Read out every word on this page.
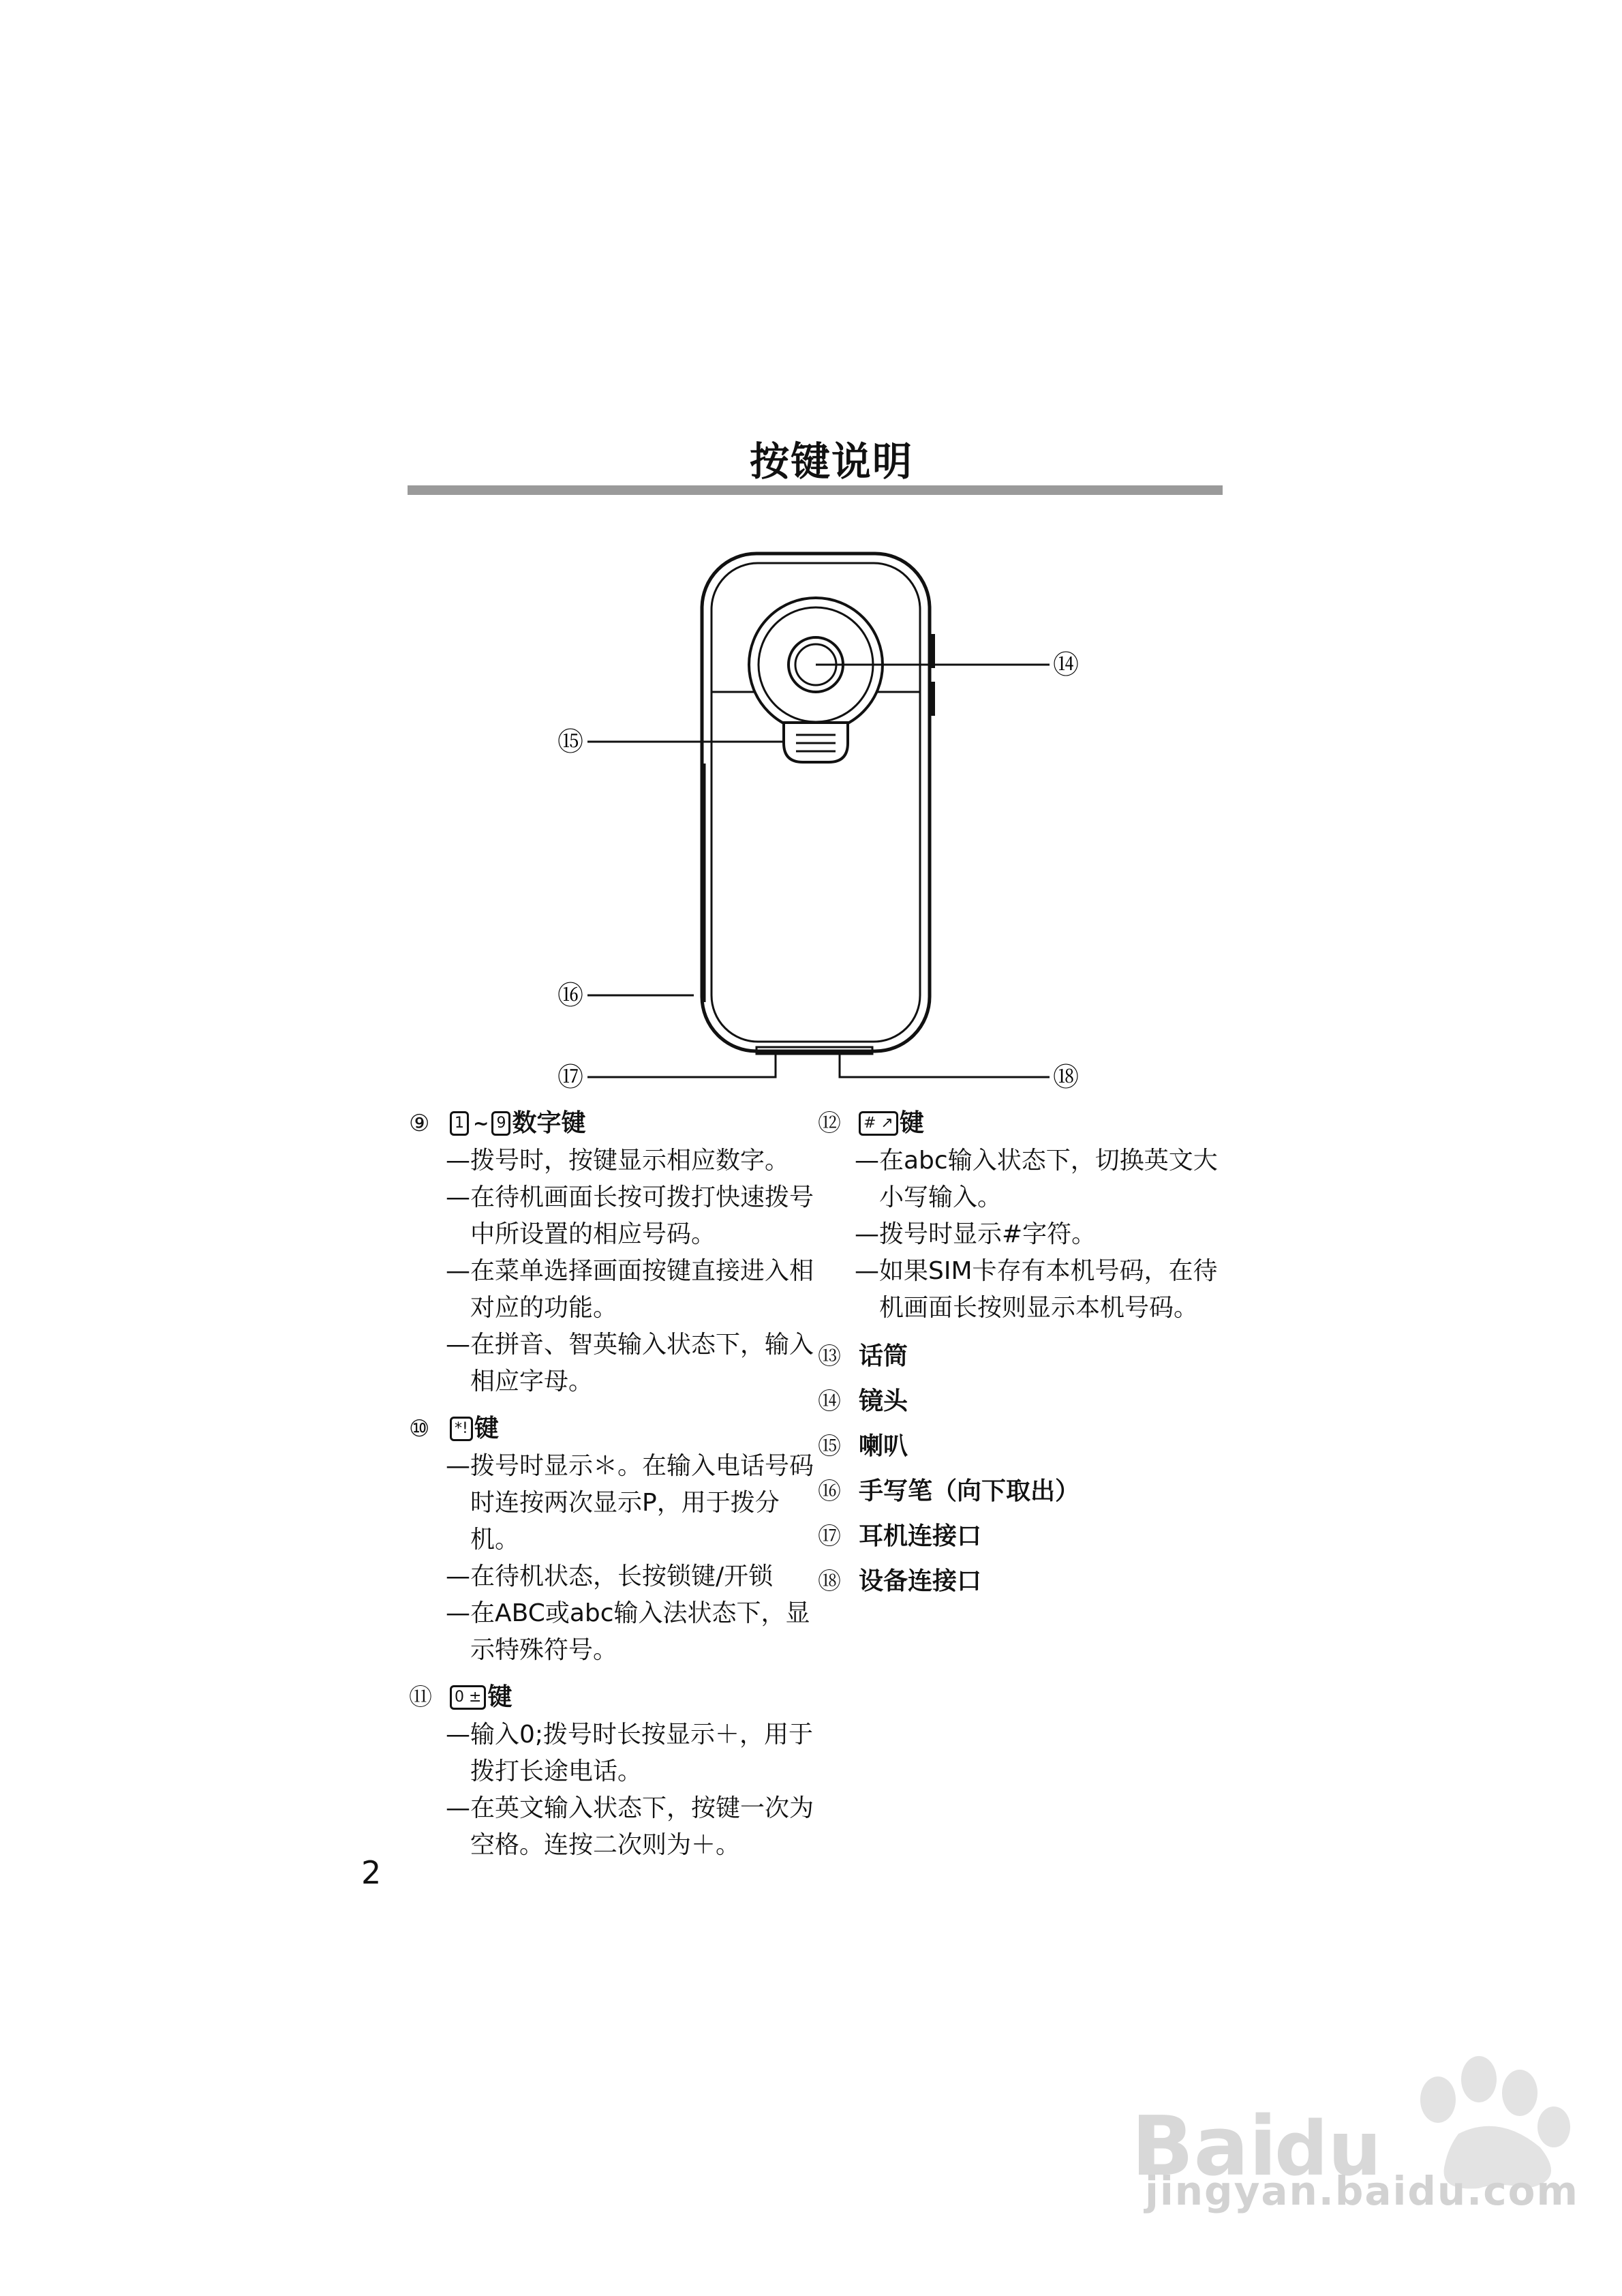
按键说明
⑭
⑮
⑯
⑰	⑱
⑨	1 ~ 9 数字键
— 拨号时，按键显示相应数字。
— 在待机画面长按可拨打快速拨号中所设置的相应号码。
— 在菜单选择画面按键直接进入相对应的功能。
— 在拼音、智英输入状态下，输入相应字母。
⑩	*! 键
— 拨号时显示＊。在输入电话号码时连按两次显示P，用于拨分机。
— 在待机状态，长按锁键/开锁
— 在ABC或abc输入法状态下，显示特殊符号。
⑪	0 ± 键
— 输入0;拨号时长按显示＋，用于拨打长途电话。
— 在英文输入状态下，按键一次为空格。连按二次则为＋。
⑫	# ↗ 键
— 在abc输入状态下，切换英文大小写输入。
— 拨号时显示#字符。
— 如果SIM卡存有本机号码，在待机画面长按则显示本机号码。
⑬ 话筒
⑭ 镜头
⑮ 喇叭
⑯ 手写笔（向下取出）
⑰ 耳机连接口
⑱ 设备连接口
2
Bai
du
jingyan.baidu.com
